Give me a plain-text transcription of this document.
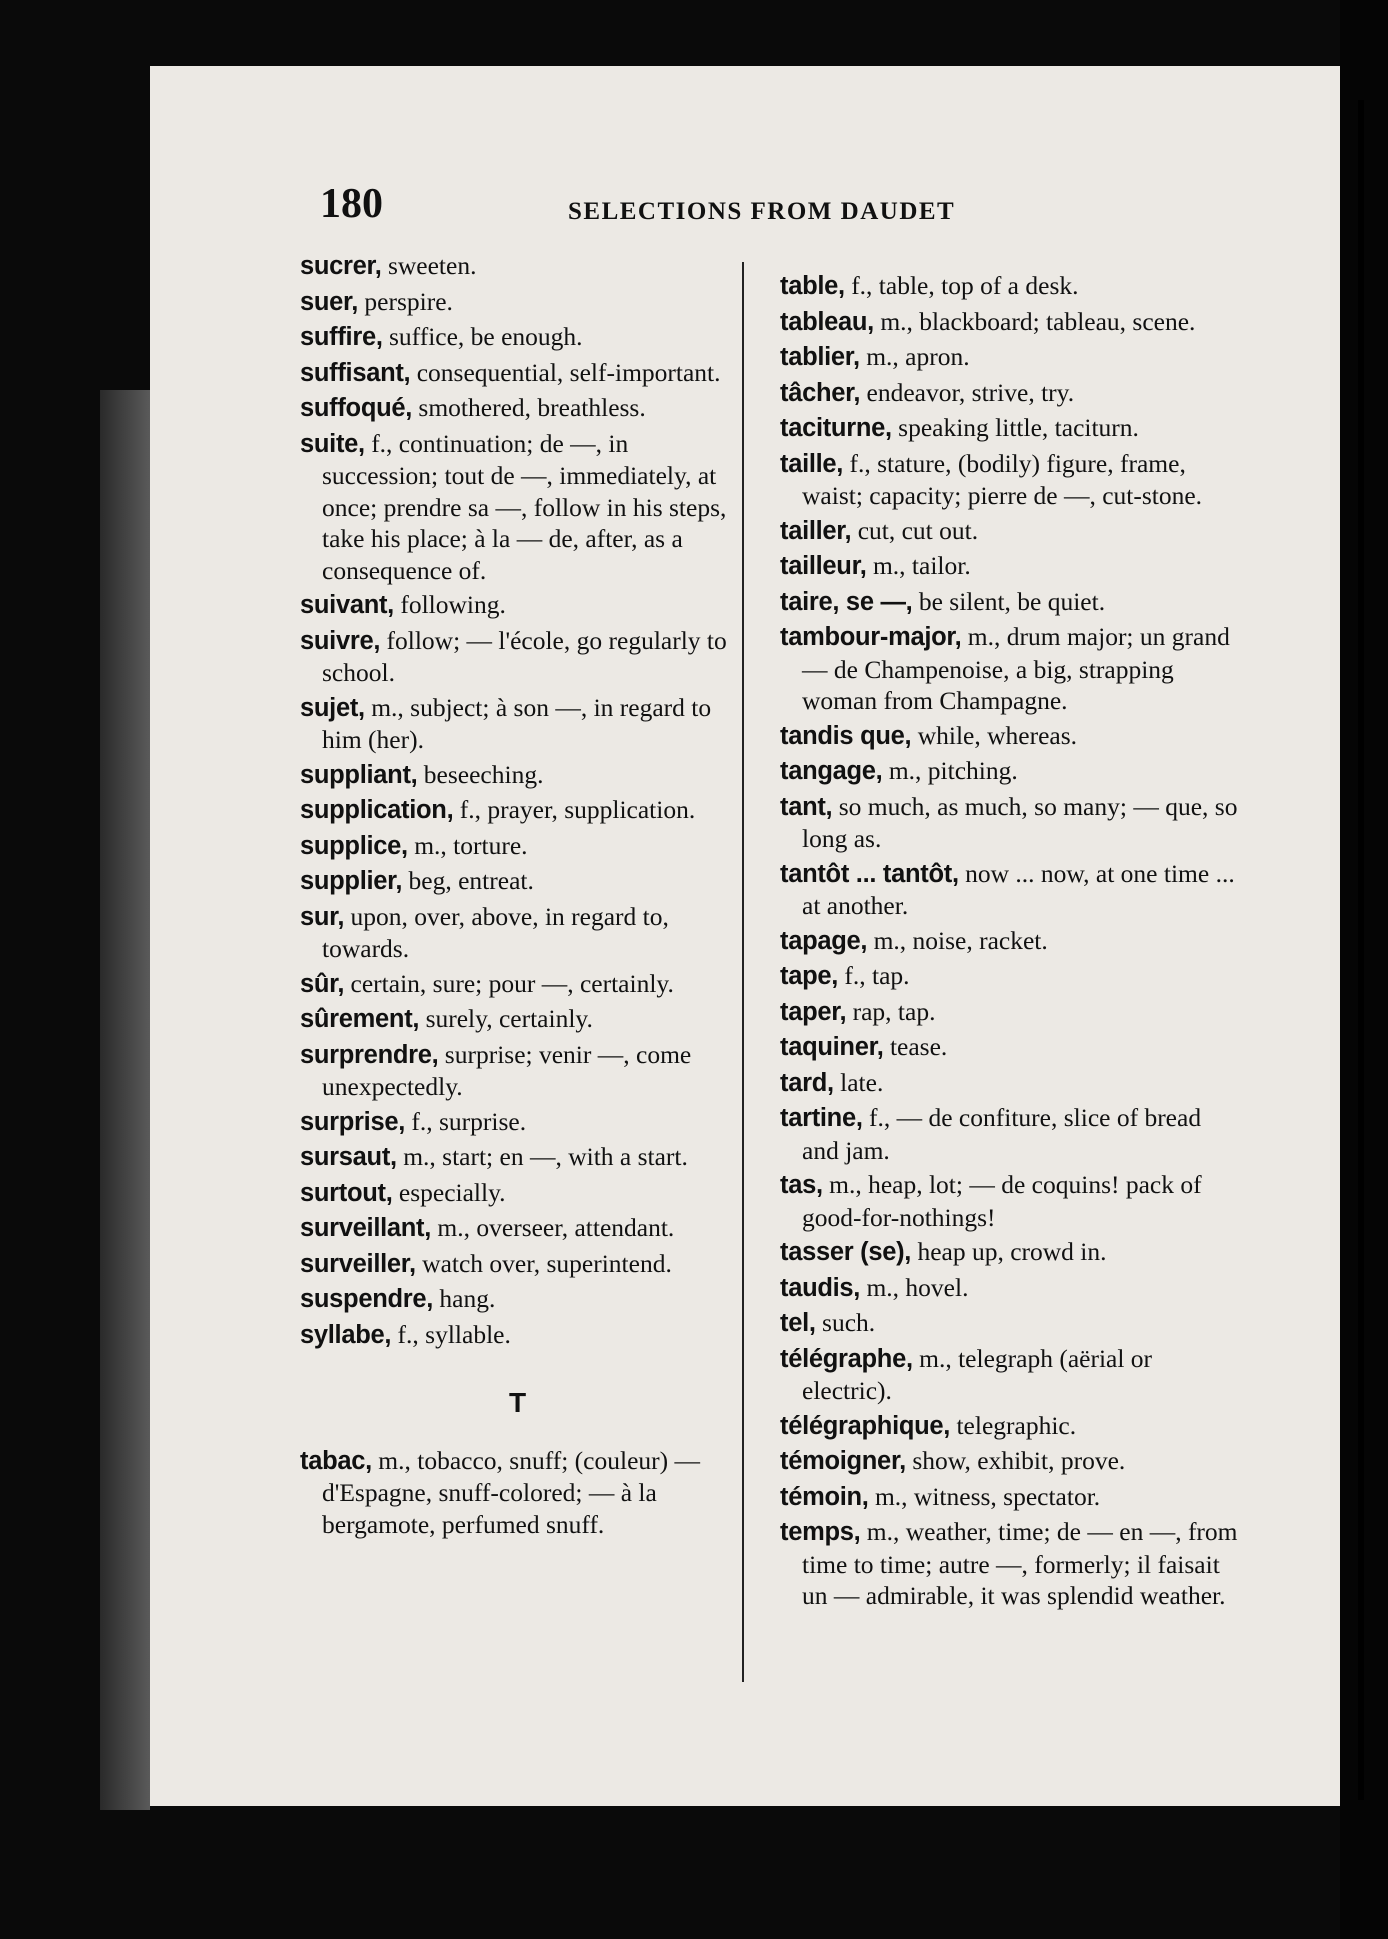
180	SELECTIONS FROM DAUDET
sucrer, sweeten.
suer, perspire.
suffire, suffice, be enough.
suffisant, consequential, self-important.
suffoqué, smothered, breathless.
suite, f., continuation; de —, in succession; tout de —, immediately, at once; prendre sa —, follow in his steps, take his place; à la — de, after, as a consequence of.
suivant, following.
suivre, follow; — l'école, go regularly to school.
sujet, m., subject; à son —, in regard to him (her).
suppliant, beseeching.
supplication, f., prayer, supplication.
supplice, m., torture.
supplier, beg, entreat.
sur, upon, over, above, in regard to, towards.
sûr, certain, sure; pour —, certainly.
sûrement, surely, certainly.
surprendre, surprise; venir —, come unexpectedly.
surprise, f., surprise.
sursaut, m., start; en —, with a start.
surtout, especially.
surveillant, m., overseer, attendant.
surveiller, watch over, superintend.
suspendre, hang.
syllabe, f., syllable.
T
tabac, m., tobacco, snuff; (couleur) — d'Espagne, snuff-colored; — à la bergamote, perfumed snuff.
table, f., table, top of a desk.
tableau, m., blackboard; tableau, scene.
tablier, m., apron.
tâcher, endeavor, strive, try.
taciturne, speaking little, taciturn.
taille, f., stature, (bodily) figure, frame, waist; capacity; pierre de —, cut-stone.
tailler, cut, cut out.
tailleur, m., tailor.
taire, se —, be silent, be quiet.
tambour-major, m., drum major; un grand — de Champenoise, a big, strapping woman from Champagne.
tandis que, while, whereas.
tangage, m., pitching.
tant, so much, as much, so many; — que, so long as.
tantôt ... tantôt, now ... now, at one time ... at another.
tapage, m., noise, racket.
tape, f., tap.
taper, rap, tap.
taquiner, tease.
tard, late.
tartine, f., — de confiture, slice of bread and jam.
tas, m., heap, lot; — de coquins! pack of good-for-nothings!
tasser (se), heap up, crowd in.
taudis, m., hovel.
tel, such.
télégraphe, m., telegraph (aërial or electric).
télégraphique, telegraphic.
témoigner, show, exhibit, prove.
témoin, m., witness, spectator.
temps, m., weather, time; de — en —, from time to time; autre —, formerly; il faisait un — admirable, it was splendid weather.
